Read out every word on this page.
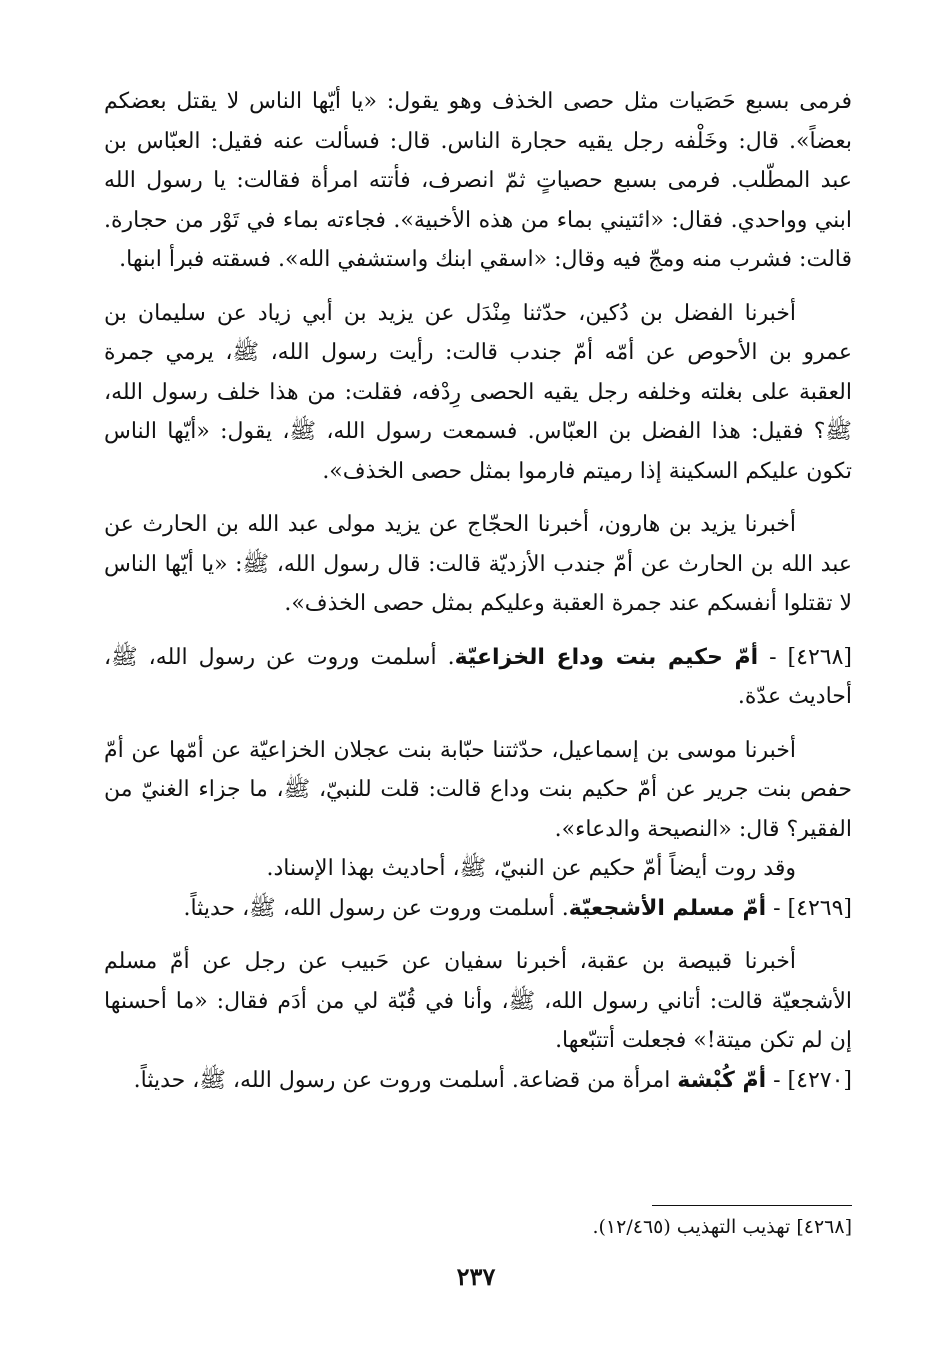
فرمى بسبع حَصَيات مثل حصى الخذف وهو يقول: «يا أيّها الناس لا يقتل بعضكم بعضاً». قال: وخَلْفه رجل يقيه حجارة الناس. قال: فسألت عنه فقيل: العبّاس بن عبد المطّلب. فرمى بسبع حصياتٍ ثمّ انصرف، فأتته امرأة فقالت: يا رسول الله ابني وواحدي. فقال: «ائتيني بماء من هذه الأخبية». فجاءته بماء في تَوْر من حجارة. قالت: فشرب منه ومجّ فيه وقال: «اسقي ابنك واستشفي الله». فسقته فبرأ ابنها.

أخبرنا الفضل بن دُكين، حدّثنا مِنْدَل عن يزيد بن أبي زياد عن سليمان بن عمرو بن الأحوص عن أمّه أمّ جندب قالت: رأيت رسول الله، ﷺ، يرمي جمرة العقبة على بغلته وخلفه رجل يقيه الحصى رِدْفه، فقلت: من هذا خلف رسول الله، ﷺ؟ فقيل: هذا الفضل بن العبّاس. فسمعت رسول الله، ﷺ، يقول: «أيّها الناس تكون عليكم السكينة إذا رميتم فارموا بمثل حصى الخذف».

أخبرنا يزيد بن هارون، أخبرنا الحجّاج عن يزيد مولى عبد الله بن الحارث عن عبد الله بن الحارث عن أمّ جندب الأزديّة قالت: قال رسول الله، ﷺ: «يا أيّها الناس لا تقتلوا أنفسكم عند جمرة العقبة وعليكم بمثل حصى الخذف».

[٤٢٦٨] - أمّ حكيم بنت وداع الخزاعيّة. أسلمت وروت عن رسول الله، ﷺ، أحاديث عدّة.

أخبرنا موسى بن إسماعيل، حدّثتنا حبّابة بنت عجلان الخزاعيّة عن أمّها عن أمّ حفص بنت جرير عن أمّ حكيم بنت وداع قالت: قلت للنبيّ، ﷺ، ما جزاء الغنيّ من الفقير؟ قال: «النصيحة والدعاء».

وقد روت أيضاً أمّ حكيم عن النبيّ، ﷺ، أحاديث بهذا الإسناد.

[٤٢٦٩] - أمّ مسلم الأشجعيّة. أسلمت وروت عن رسول الله، ﷺ، حديثاً.

أخبرنا قبيصة بن عقبة، أخبرنا سفيان عن حَبيب عن رجل عن أمّ مسلم الأشجعيّة قالت: أتاني رسول الله، ﷺ، وأنا في قُبّة لي من أدَم فقال: «ما أحسنها إن لم تكن ميتة!» فجعلت أتتبّعها.

[٤٢٧٠] - أمّ كُبْشة امرأة من قضاعة. أسلمت وروت عن رسول الله، ﷺ، حديثاً.

[٤٢٦٨] تهذيب التهذيب (١٢/٤٦٥).
٢٣٧
